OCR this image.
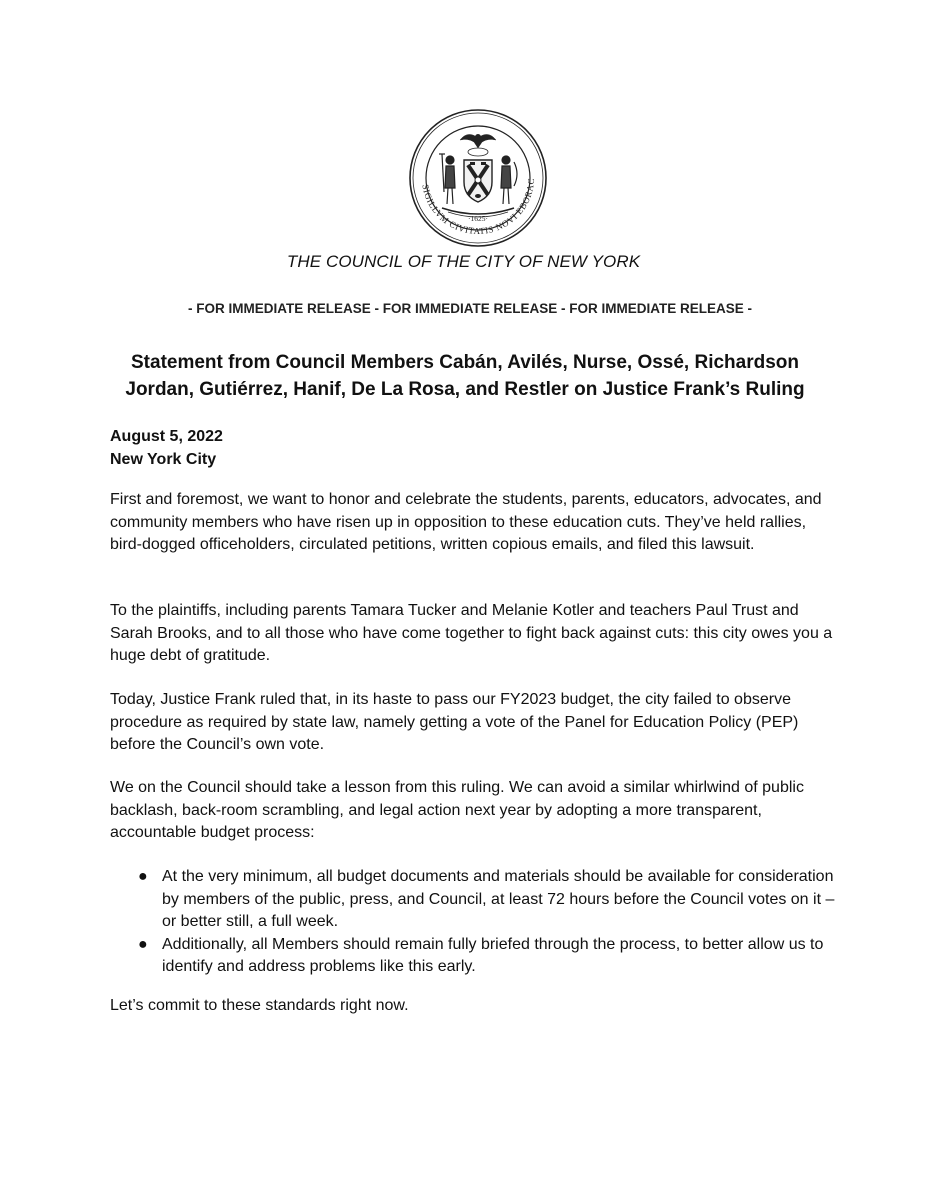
SIGILLVM CIVITATIS NOVI EBORAC
·1625·
THE COUNCIL OF THE CITY OF NEW YORK
- FOR IMMEDIATE RELEASE - FOR IMMEDIATE RELEASE - FOR IMMEDIATE RELEASE -
Statement from Council Members Cabán, Avilés, Nurse, Ossé, Richardson
Jordan, Gutiérrez, Hanif, De La Rosa, and Restler on Justice Frank’s Ruling
August 5, 2022
New York City
First and foremost, we want to honor and celebrate the students, parents, educators, advocates, and community members who have risen up in opposition to these education cuts. They’ve held rallies, bird-dogged officeholders, circulated petitions, written copious emails, and filed this lawsuit.
To the plaintiffs, including parents Tamara Tucker and Melanie Kotler and teachers Paul Trust and Sarah Brooks, and to all those who have come together to fight back against cuts: this city owes you a huge debt of gratitude.
Today, Justice Frank ruled that, in its haste to pass our FY2023 budget, the city failed to observe procedure as required by state law, namely getting a vote of the Panel for Education Policy (PEP) before the Council’s own vote.
We on the Council should take a lesson from this ruling. We can avoid a similar whirlwind of public backlash, back-room scrambling, and legal action next year by adopting a more transparent, accountable budget process:
● At the very minimum, all budget documents and materials should be available for consideration by members of the public, press, and Council, at least 72 hours before the Council votes on it – or better still, a full week.
● Additionally, all Members should remain fully briefed through the process, to better allow us to identify and address problems like this early.
Let’s commit to these standards right now.
